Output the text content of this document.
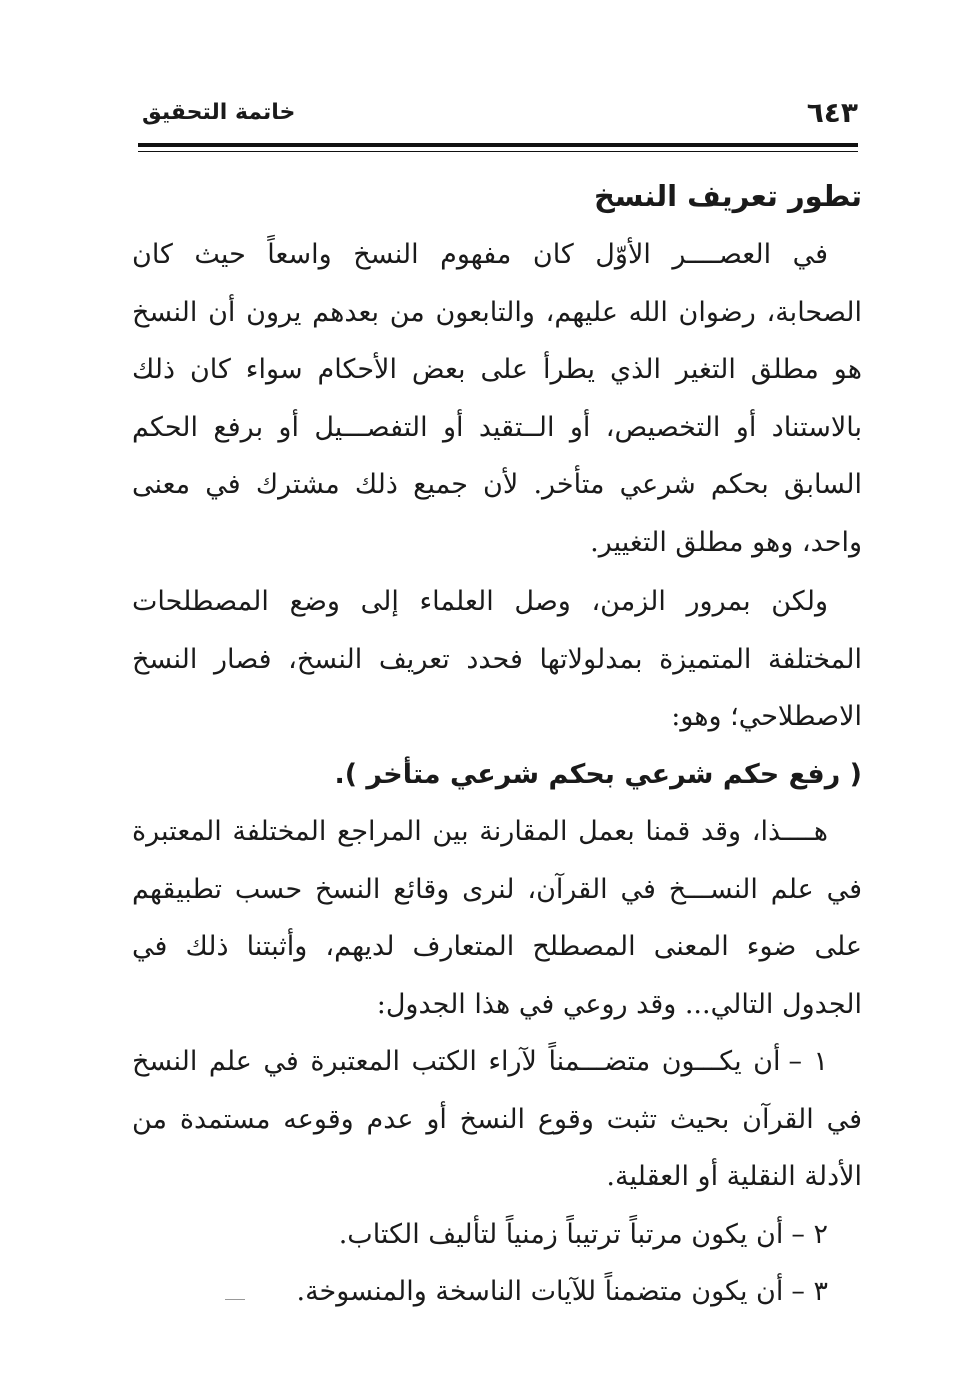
خاتمة التحقيق	٦٤٣
تطور تعريف النسخ

في العصــــر الأوّل كان مفهوم النسخ واسعاً حيث كان الصحابة، رضوان الله عليهم، والتابعون من بعدهم يرون أن النسخ هو مطلق التغير الذي يطرأ على بعض الأحكام سواء كان ذلك بالاستناد أو التخصيص، أو الــتقيد أو التفصـــيل أو برفع الحكم السابق بحكم شرعي متأخر. لأن جميع ذلك مشترك في معنى واحد، وهو مطلق التغيير.

ولكن بمرور الزمن، وصل العلماء إلى وضع المصطلحات المختلفة المتميزة بمدلولاتها فحدد تعريف النسخ، فصار النسخ الاصطلاحي؛ وهو:

( رفع حكم شرعي بحكم شرعي متأخر ).

هــــذا، وقد قمنا بعمل المقارنة بين المراجع المختلفة المعتبرة في علم النســـخ في القرآن، لنرى وقائع النسخ حسب تطبيقهم على ضوء المعنى المصطلح المتعارف لديهم، وأثبتنا ذلك في الجدول التالي... وقد روعي في هذا الجدول:

١ –أن يكـــون متضـــمناً لآراء الكتب المعتبرة في علم النسخ في القرآن بحيث تثبت وقوع النسخ أو عدم وقوعه مستمدة من الأدلة النقلية أو العقلية.
٢ –أن يكون مرتباً ترتيباً زمنياً لتأليف الكتاب.
٣ –أن يكون متضمناً للآيات الناسخة والمنسوخة.
